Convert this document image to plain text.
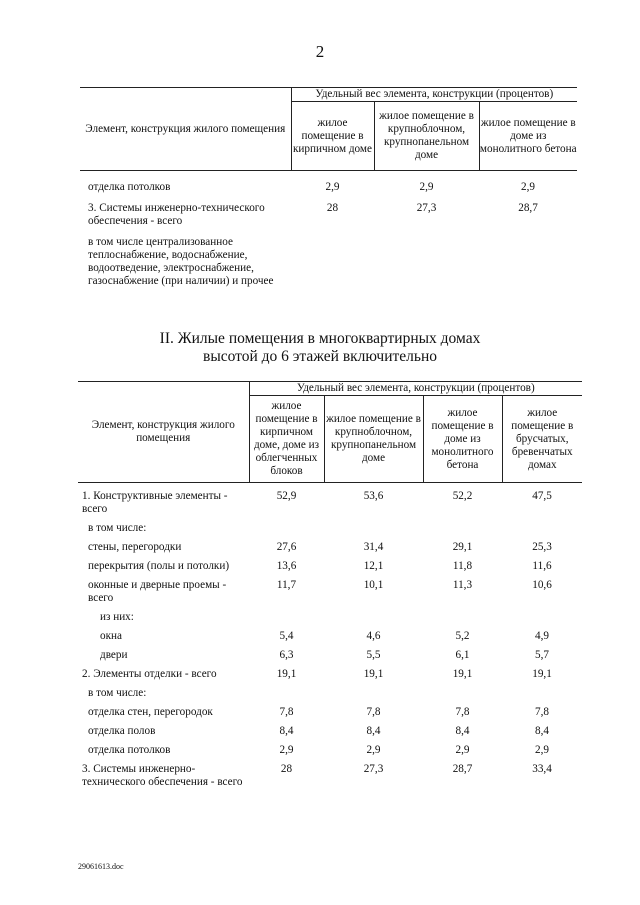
2
Элемент, конструкция жилого помещения	Удельный вес элемента, конструкции (процентов)		
	жилое помещение в кирпичном доме	жилое помещение в крупноблочном, крупнопанельном доме	жилое помещение в доме из монолитного бетона

отделка потолков	2,9	2,9	2,9
3. Системы инженерно-технического обеспечения - всего	28	27,3	28,7
в том числе централизованное теплоснабжение, водоснабжение, водоотведение, электроснабжение, газоснабжение (при наличии) и прочее			
II. Жилые помещения в многоквартирных домах
высотой до 6 этажей включительно
Элемент, конструкция жилого помещения	Удельный вес элемента, конструкции (процентов)			
	жилое помещение в кирпичном доме, доме из облегченных блоков	жилое помещение в крупноблочном, крупнопанельном доме	жилое помещение в доме из монолитного бетона	жилое помещение в брусчатых, бревенчатых домах

1. Конструктивные элементы - всего	52,9	53,6	52,2	47,5
в том числе:				
стены, перегородки	27,6	31,4	29,1	25,3
перекрытия (полы и потолки)	13,6	12,1	11,8	11,6
оконные и дверные проемы - всего	11,7	10,1	11,3	10,6
из них:				
окна	5,4	4,6	5,2	4,9
двери	6,3	5,5	6,1	5,7
2. Элементы отделки - всего	19,1	19,1	19,1	19,1
в том числе:				
отделка стен, перегородок	7,8	7,8	7,8	7,8
отделка полов	8,4	8,4	8,4	8,4
отделка потолков	2,9	2,9	2,9	2,9
3. Системы инженерно-технического обеспечения - всего	28	27,3	28,7	33,4
29061613.doc
